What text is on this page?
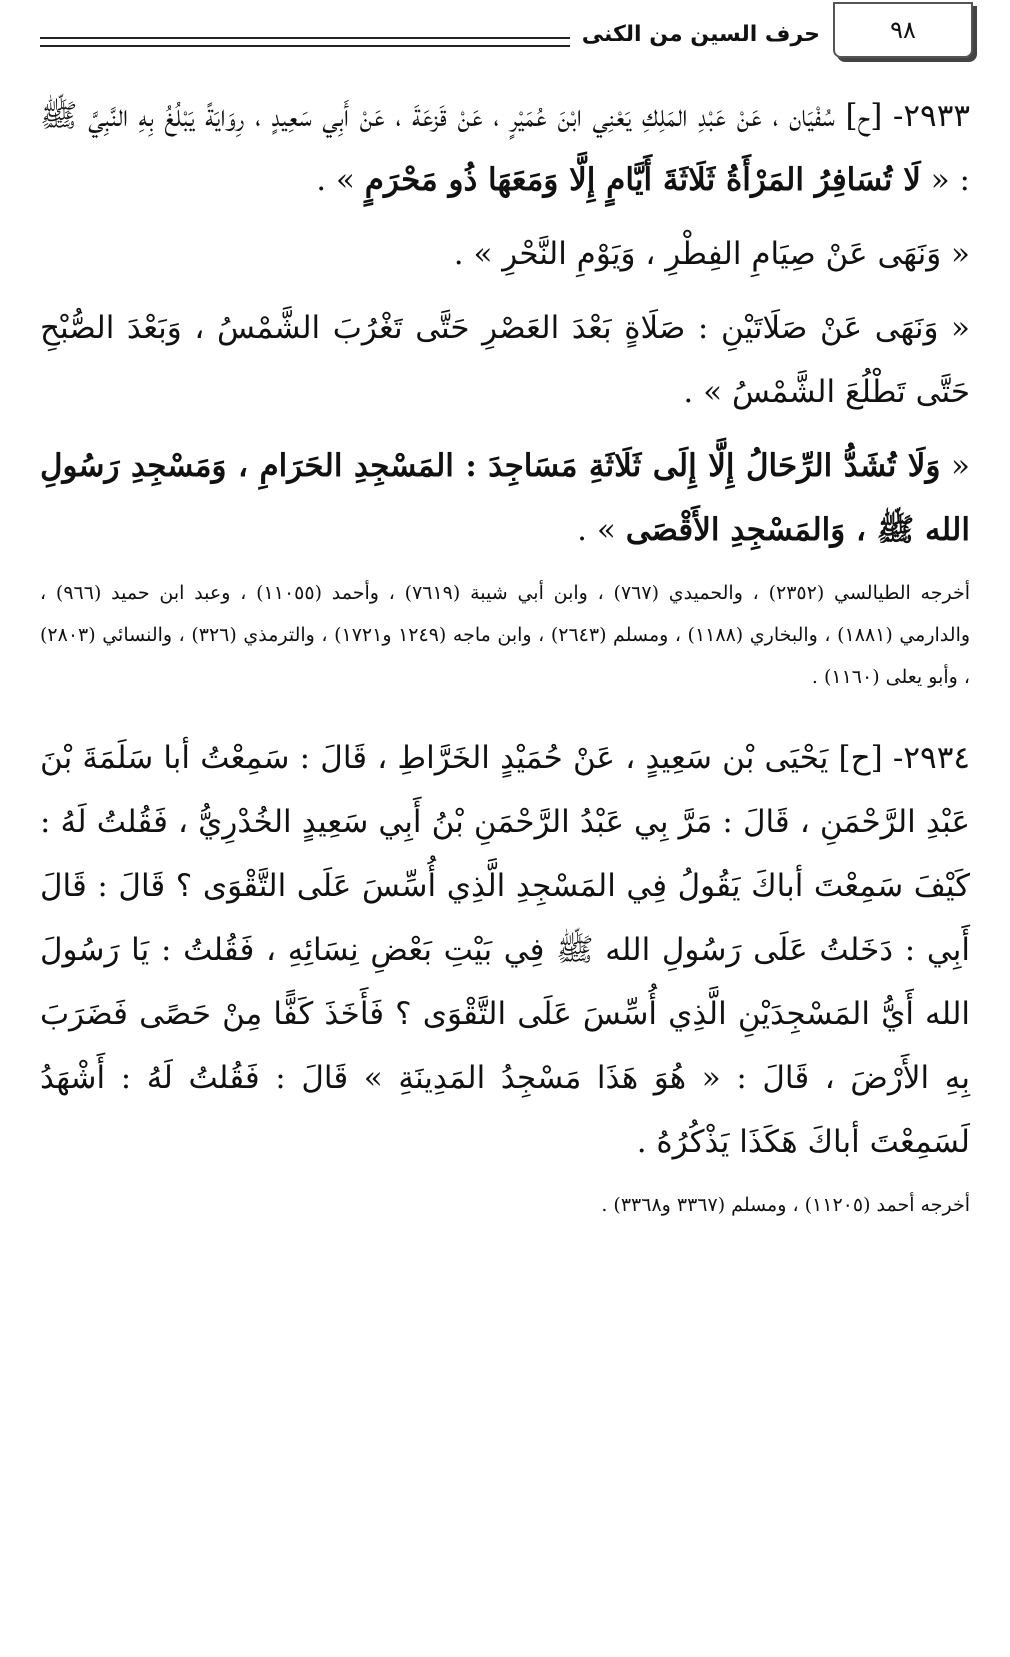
٩٨
حرف السين من الكنى

٢٩٣٣- [ح] سُفْيَان ، عَنْ عَبْدِ المَلِكِ يَعْنِي ابْنَ عُمَيْرٍ ، عَنْ قَزعَةَ ، عَنْ أَبِي سَعِيدٍ ، رِوَايَةً يَبْلُغُ بِهِ النَّبِيَّ ﷺ : « لَا تُسَافِرُ المَرْأَةُ ثَلَاثَةَ أَيَّامٍ إِلَّا وَمَعَهَا ذُو مَحْرَمٍ » .

« وَنَهَى عَنْ صِيَامِ الفِطْرِ ، وَيَوْمِ النَّحْرِ » .

« وَنَهَى عَنْ صَلَاتَيْنِ : صَلَاةٍ بَعْدَ العَصْرِ حَتَّى تَغْرُبَ الشَّمْسُ ، وَبَعْدَ الصُّبْحِ حَتَّى تَطْلُعَ الشَّمْسُ » .

« وَلَا تُشَدُّ الرِّحَالُ إِلَّا إِلَى ثَلَاثَةِ مَسَاجِدَ : المَسْجِدِ الحَرَامِ ، وَمَسْجِدِ رَسُولِ الله ﷺ ، وَالمَسْجِدِ الأَقْصَى » .

أخرجه الطيالسي (٢٣٥٢) ، والحميدي (٧٦٧) ، وابن أبي شيبة (٧٦١٩) ، وأحمد (١١٠٥٥) ، وعبد ابن حميد (٩٦٦) ، والدارمي (١٨٨١) ، والبخاري (١١٨٨) ، ومسلم (٢٦٤٣) ، وابن ماجه (١٢٤٩ و١٧٢١) ، والترمذي (٣٢٦) ، والنسائي (٢٨٠٣) ، وأبو يعلى (١١٦٠) .

٢٩٣٤- [ح] يَحْيَى بْن سَعِيدٍ ، عَنْ حُمَيْدٍ الخَرَّاطِ ، قَالَ : سَمِعْتُ أبا سَلَمَةَ بْنَ عَبْدِ الرَّحْمَنِ ، قَالَ : مَرَّ بِي عَبْدُ الرَّحْمَنِ بْنُ أَبِي سَعِيدٍ الخُدْرِيُّ ، فَقُلتُ لَهُ : كَيْفَ سَمِعْتَ أباكَ يَقُولُ فِي المَسْجِدِ الَّذِي أُسِّسَ عَلَى التَّقْوَى ؟ قَالَ : قَالَ أَبِي : دَخَلتُ عَلَى رَسُولِ الله ﷺ فِي بَيْتِ بَعْضِ نِسَائِهِ ، فَقُلتُ : يَا رَسُولَ الله أَيُّ المَسْجِدَيْنِ الَّذِي أُسِّسَ عَلَى التَّقْوَى ؟ فَأَخَذَ كَفًّا مِنْ حَصًى فَضَرَبَ بِهِ الأَرْضَ ، قَالَ : « هُوَ هَذَا مَسْجِدُ المَدِينَةِ » قَالَ : فَقُلتُ لَهُ : أَشْهَدُ لَسَمِعْتَ أباكَ هَكَذَا يَذْكُرُهُ .

أخرجه أحمد (١١٢٠٥) ، ومسلم (٣٣٦٧ و٣٣٦٨) .
